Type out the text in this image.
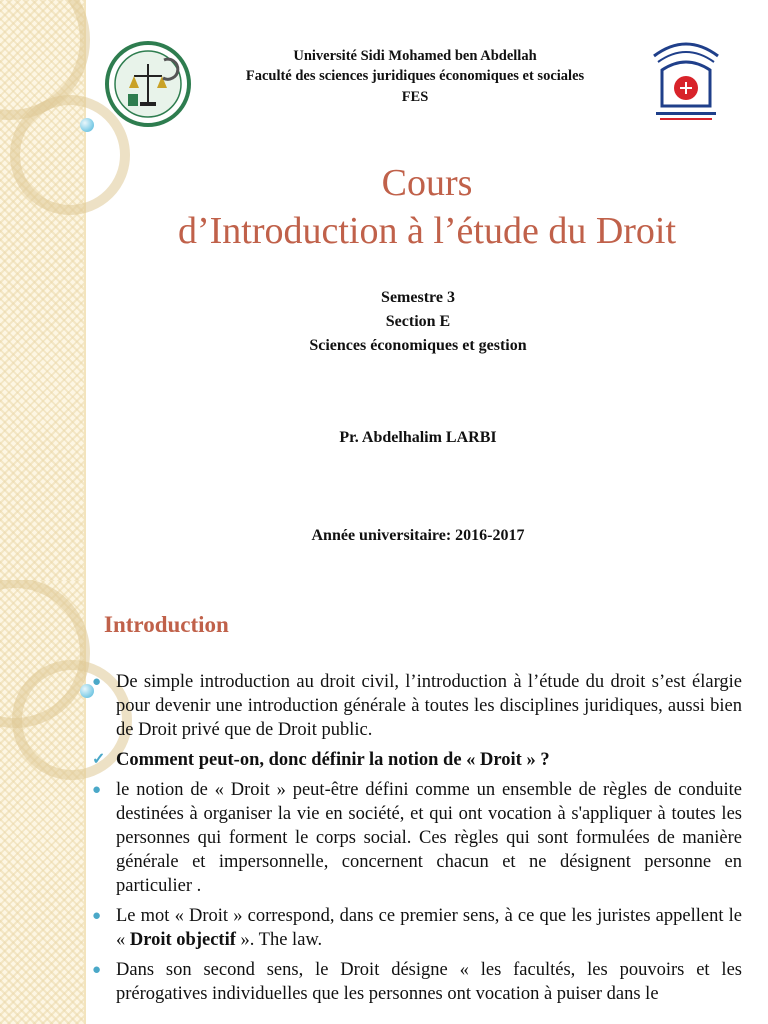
Université Sidi Mohamed ben Abdellah
Faculté des sciences juridiques économiques et sociales
FES
Cours
d’Introduction à l’étude du Droit
Semestre 3
Section E
Sciences économiques et gestion
Pr. Abdelhalim LARBI
Année universitaire: 2016-2017
Introduction
● De simple introduction au droit civil, l’introduction à l’étude du droit s’est élargie pour devenir une introduction générale à toutes les disciplines juridiques, aussi bien de Droit privé que de Droit public.
✓ Comment peut-on, donc définir la notion de « Droit » ?
● le notion de « Droit » peut-être défini comme un ensemble de règles de conduite destinées à organiser la vie en société, et qui ont vocation à s'appliquer à toutes les personnes qui forment le corps social. Ces règles qui sont formulées de manière générale et impersonnelle, concernent chacun et ne désignent personne en particulier .
● Le mot « Droit » correspond, dans ce premier sens, à ce que les juristes appellent le « Droit objectif ». The law.
● Dans son second sens, le Droit désigne « les facultés, les pouvoirs et les prérogatives individuelles que les personnes ont vocation à puiser dans le
